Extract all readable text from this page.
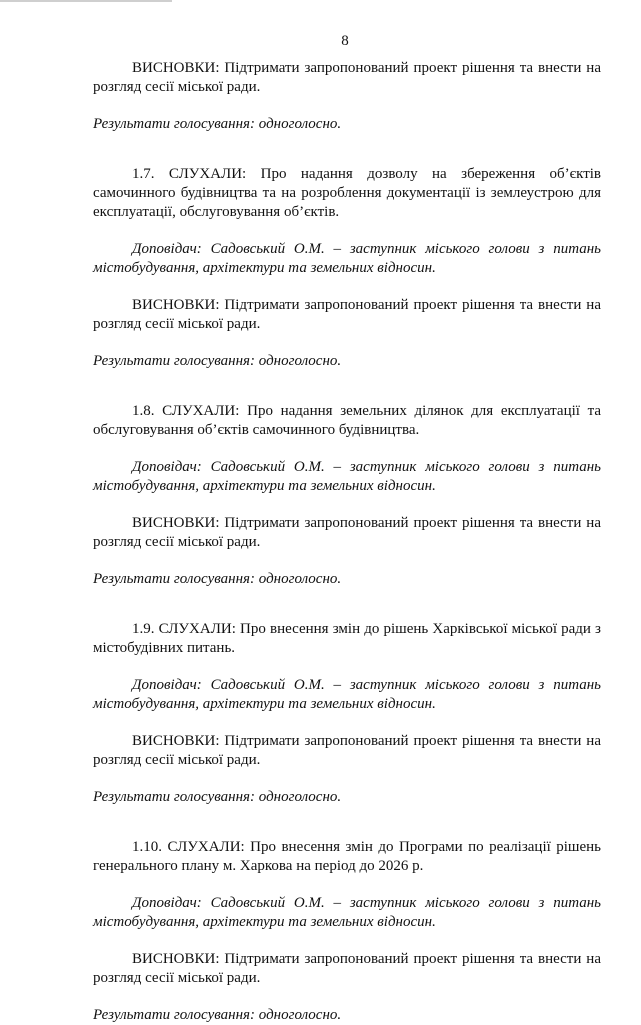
8

ВИСНОВКИ: Підтримати запропонований проект рішення та внести на розгляд сесії міської ради.

Результати голосування: одноголосно.

1.7. СЛУХАЛИ: Про надання дозволу на збереження об’єктів самочинного будівництва та на розроблення документації із землеустрою для експлуатації, обслуговування об’єктів.

Доповідач: Садовський О.М. – заступник міського голови з питань містобудування, архітектури та земельних відносин.

ВИСНОВКИ: Підтримати запропонований проект рішення та внести на розгляд сесії міської ради.

Результати голосування: одноголосно.

1.8. СЛУХАЛИ: Про надання земельних ділянок для експлуатації та обслуговування об’єктів самочинного будівництва.

Доповідач: Садовський О.М. – заступник міського голови з питань містобудування, архітектури та земельних відносин.

ВИСНОВКИ: Підтримати запропонований проект рішення та внести на розгляд сесії міської ради.

Результати голосування: одноголосно.

1.9. СЛУХАЛИ: Про внесення змін до рішень Харківської міської ради з містобудівних питань.

Доповідач: Садовський О.М. – заступник міського голови з питань містобудування, архітектури та земельних відносин.

ВИСНОВКИ: Підтримати запропонований проект рішення та внести на розгляд сесії міської ради.

Результати голосування: одноголосно.

1.10. СЛУХАЛИ: Про внесення змін до Програми по реалізації рішень генерального плану м. Харкова на період до 2026 р.

Доповідач: Садовський О.М. – заступник міського голови з питань містобудування, архітектури та земельних відносин.

ВИСНОВКИ: Підтримати запропонований проект рішення та внести на розгляд сесії міської ради.

Результати голосування: одноголосно.
